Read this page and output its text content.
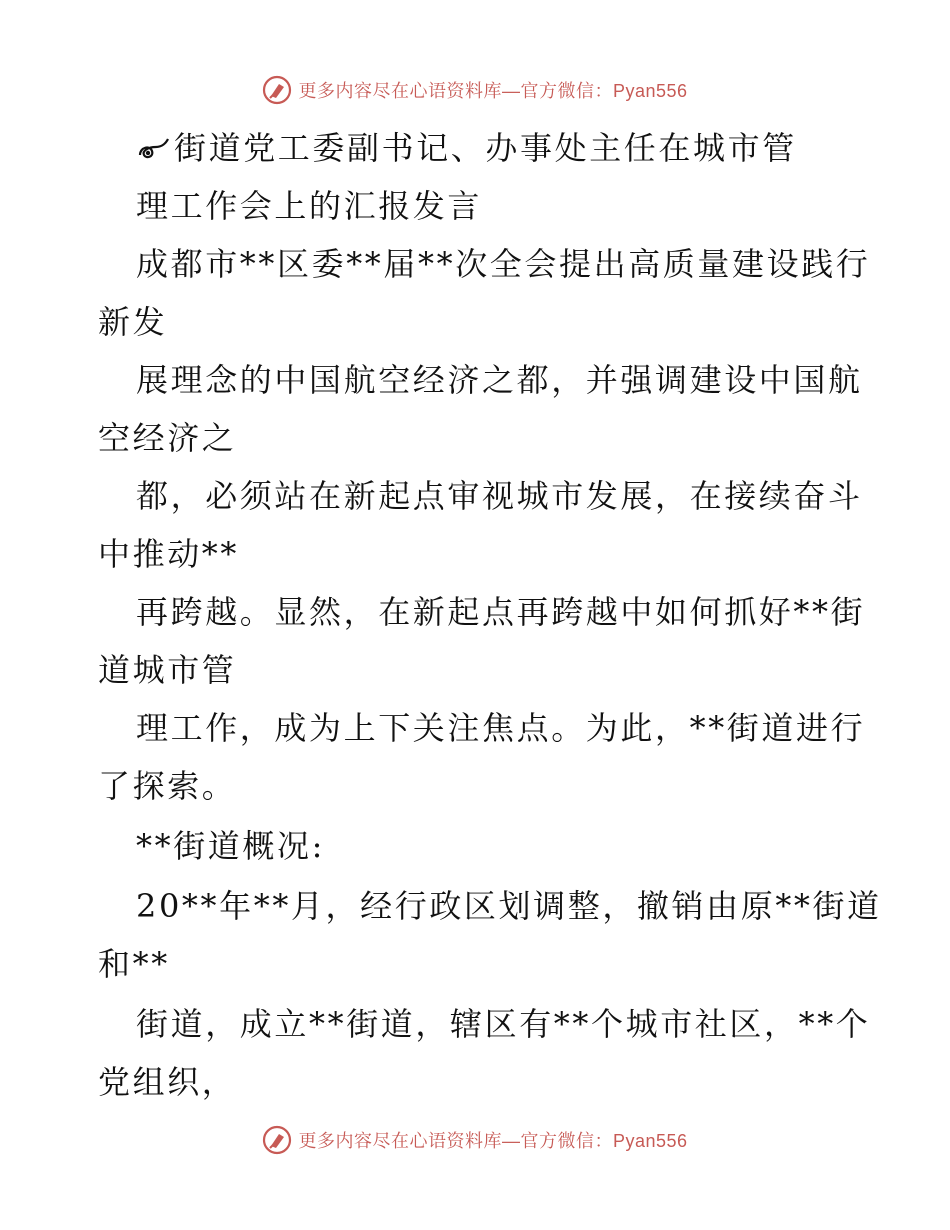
更多内容尽在心语资料库—官方微信：Pyan556
街道党工委副书记、办事处主任在城市管
理工作会上的汇报发言
成都市**区委**届**次全会提出高质量建设践行
新发
展理念的中国航空经济之都，并强调建设中国航
空经济之
都，必须站在新起点审视城市发展，在接续奋斗
中推动**
再跨越。显然，在新起点再跨越中如何抓好**街
道城市管
理工作，成为上下关注焦点。为此，**街道进行
了探索。
**街道概况:
20**年**月，经行政区划调整，撤销由原**街道
和**
街道，成立**街道，辖区有**个城市社区，**个
党组织，
更多内容尽在心语资料库—官方微信：Pyan556
